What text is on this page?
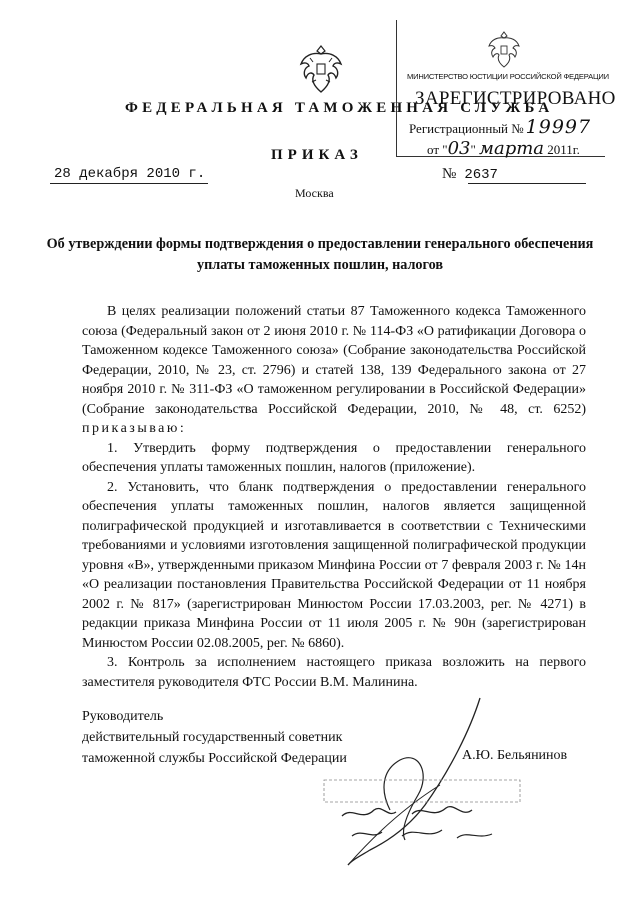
ФЕДЕРАЛЬНАЯ ТАМОЖЕННАЯ СЛУЖБА
ПРИКАЗ
28 декабря 2010 г.	№ 2637
Москва
МИНИСТЕРСТВО ЮСТИЦИИ РОССИЙСКОЙ ФЕДЕРАЦИИ
ЗАРЕГИСТРИРОВАНО
Регистрационный № 19997
от "03" марта 2011г.
Об утверждении формы подтверждения о предоставлении генерального обеспечения уплаты таможенных пошлин, налогов

В целях реализации положений статьи 87 Таможенного кодекса Таможенного союза (Федеральный закон от 2 июня 2010 г. № 114-ФЗ «О ратификации Договора о Таможенном кодексе Таможенного союза» (Собрание законодательства Российской Федерации, 2010, № 23, ст. 2796) и статей 138, 139 Федерального закона от 27 ноября 2010 г. № 311-ФЗ «О таможенном регулировании в Российской Федерации» (Собрание законодательства Российской Федерации, 2010, № 48, ст. 6252) приказываю:

1. Утвердить форму подтверждения о предоставлении генерального обеспечения уплаты таможенных пошлин, налогов (приложение).

2. Установить, что бланк подтверждения о предоставлении генерального обеспечения уплаты таможенных пошлин, налогов является защищенной полиграфической продукцией и изготавливается в соответствии с Техническими требованиями и условиями изготовления защищенной полиграфической продукции уровня «В», утвержденными приказом Минфина России от 7 февраля 2003 г. № 14н «О реализации постановления Правительства Российской Федерации от 11 ноября 2002 г. № 817» (зарегистрирован Минюстом России 17.03.2003, рег. № 4271) в редакции приказа Минфина России от 11 июля 2005 г. № 90н (зарегистрирован Минюстом России 02.08.2005, рег. № 6860).

3. Контроль за исполнением настоящего приказа возложить на первого заместителя руководителя ФТС России В.М. Малинина.

Руководитель
действительный государственный советник
таможенной службы Российской Федерации	А.Ю. Бельянинов
